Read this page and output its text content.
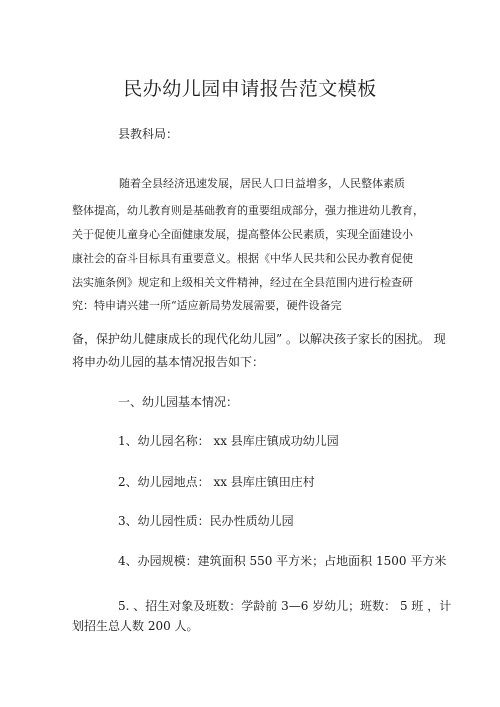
民办幼儿园申请报告范文模板
县教科局：
随着全县经济迅速发展，居民人口日益增多，人民整体素质
整体提高，幼儿教育则是基础教育的重要组成部分，强力推进幼儿教育，
关于促使儿童身心全面健康发展，提高整体公民素质，实现全面建设小
康社会的奋斗目标具有重要意义。根据《中华人民共和公民办教育促使
法实施条例》规定和上级相关文件精神，经过在全县范围内进行检查研
究：特申请兴建一所“适应新局势发展需要，硬件设备完
备，保护幼儿健康成长的现代化幼儿园” 。以解决孩子家长的困扰。 现
将申办幼儿园的基本情况报告如下：
一、幼儿园基本情况：
1、幼儿园名称： xx 县库庄镇成功幼儿园
2、幼儿园地点： xx 县库庄镇田庄村
3、幼儿园性质：民办性质幼儿园
4、办园规模：建筑面积 550 平方米；占地面积 1500 平方米
5. 、招生对象及班数：学龄前 3—6 岁幼儿；班数： 5 班 ，计
划招生总人数 200 人。
